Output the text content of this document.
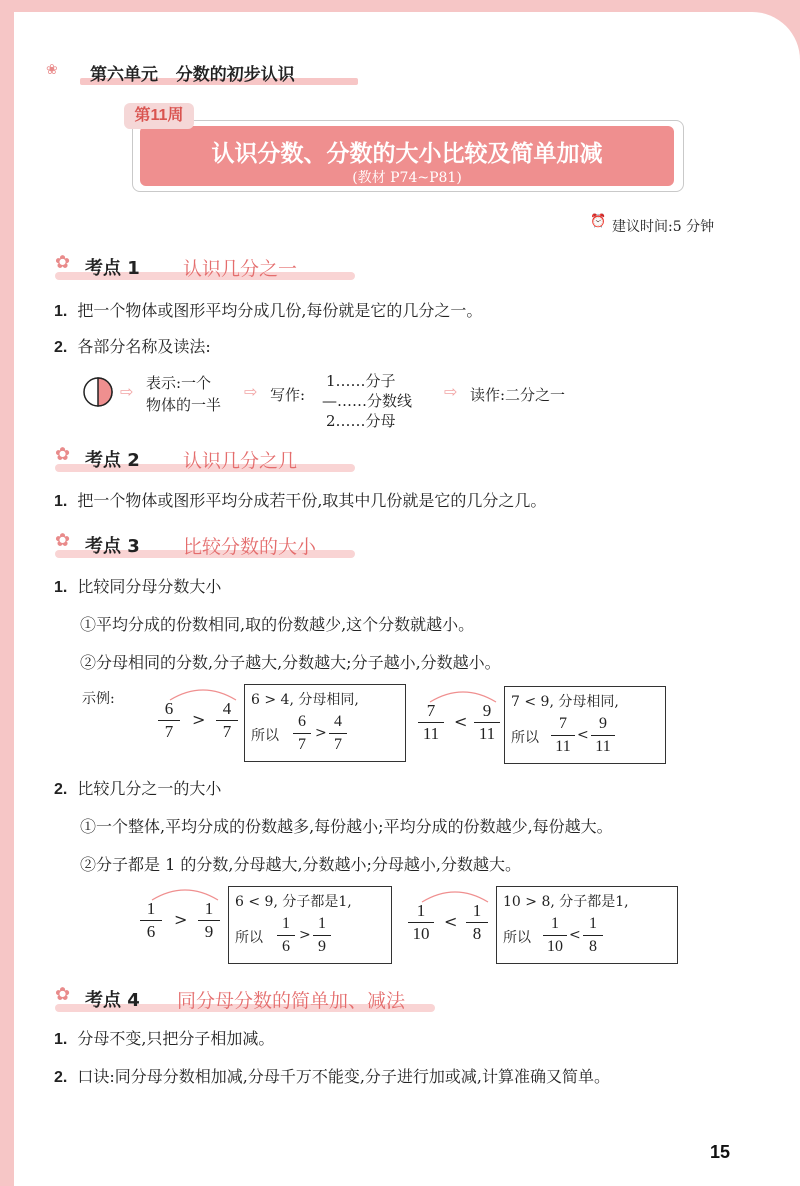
❀ 第六单元   分数的初步认识
第11周
认识分数、分数的大小比较及简单加减
(教材 P74~P81)
⏰ 建议时间:5 分钟
✿ 考点 1 认识几分之一
1. 把一个物体或图形平均分成几份,每份就是它的几分之一。
2. 各部分名称及读法:
⇨ 表示:一个
物体的一半
⇨ 写作:
1……分子
—……分数线
2……分母
⇨ 读作:二分之一
✿ 考点 2 认识几分之几
1. 把一个物体或图形平均分成若干份,取其中几份就是它的几分之几。
✿ 考点 3 比较分数的大小
1. 比较同分母分数大小
①平均分成的份数相同,取的份数越少,这个分数就越小。
②分母相同的分数,分子越大,分数越大;分子越小,分数越小。
示例:	$\frac{6}{7} > \frac{4}{7} 6 > 4$, 分母相同,
所以 $\frac{6}{7} > \frac{4}{7}$	$\frac{7}{11} < \frac{9}{11} 7 < 9$, 分母相同,
所以 $\frac{7}{11} < \frac{9}{11}$
2. 比较几分之一的大小
①一个整体,平均分成的份数越多,每份越小;平均分成的份数越少,每份越大。
②分子都是 1 的分数,分母越大,分数越小;分母越小,分数越大。
$\frac{1}{6} > \frac{1}{9} 6 < 9$, 分子都是1,
所以 $\frac{1}{6} > \frac{1}{9}$	$\frac{1}{10} < \frac{1}{8} 10 > 8$, 分子都是1,
所以 $\frac{1}{10} < \frac{1}{8}$
✿ 考点 4 同分母分数的简单加、减法
1. 分母不变,只把分子相加减。
2. 口诀:同分母分数相加减,分母千万不能变,分子进行加或减,计算准确又简单。
15
